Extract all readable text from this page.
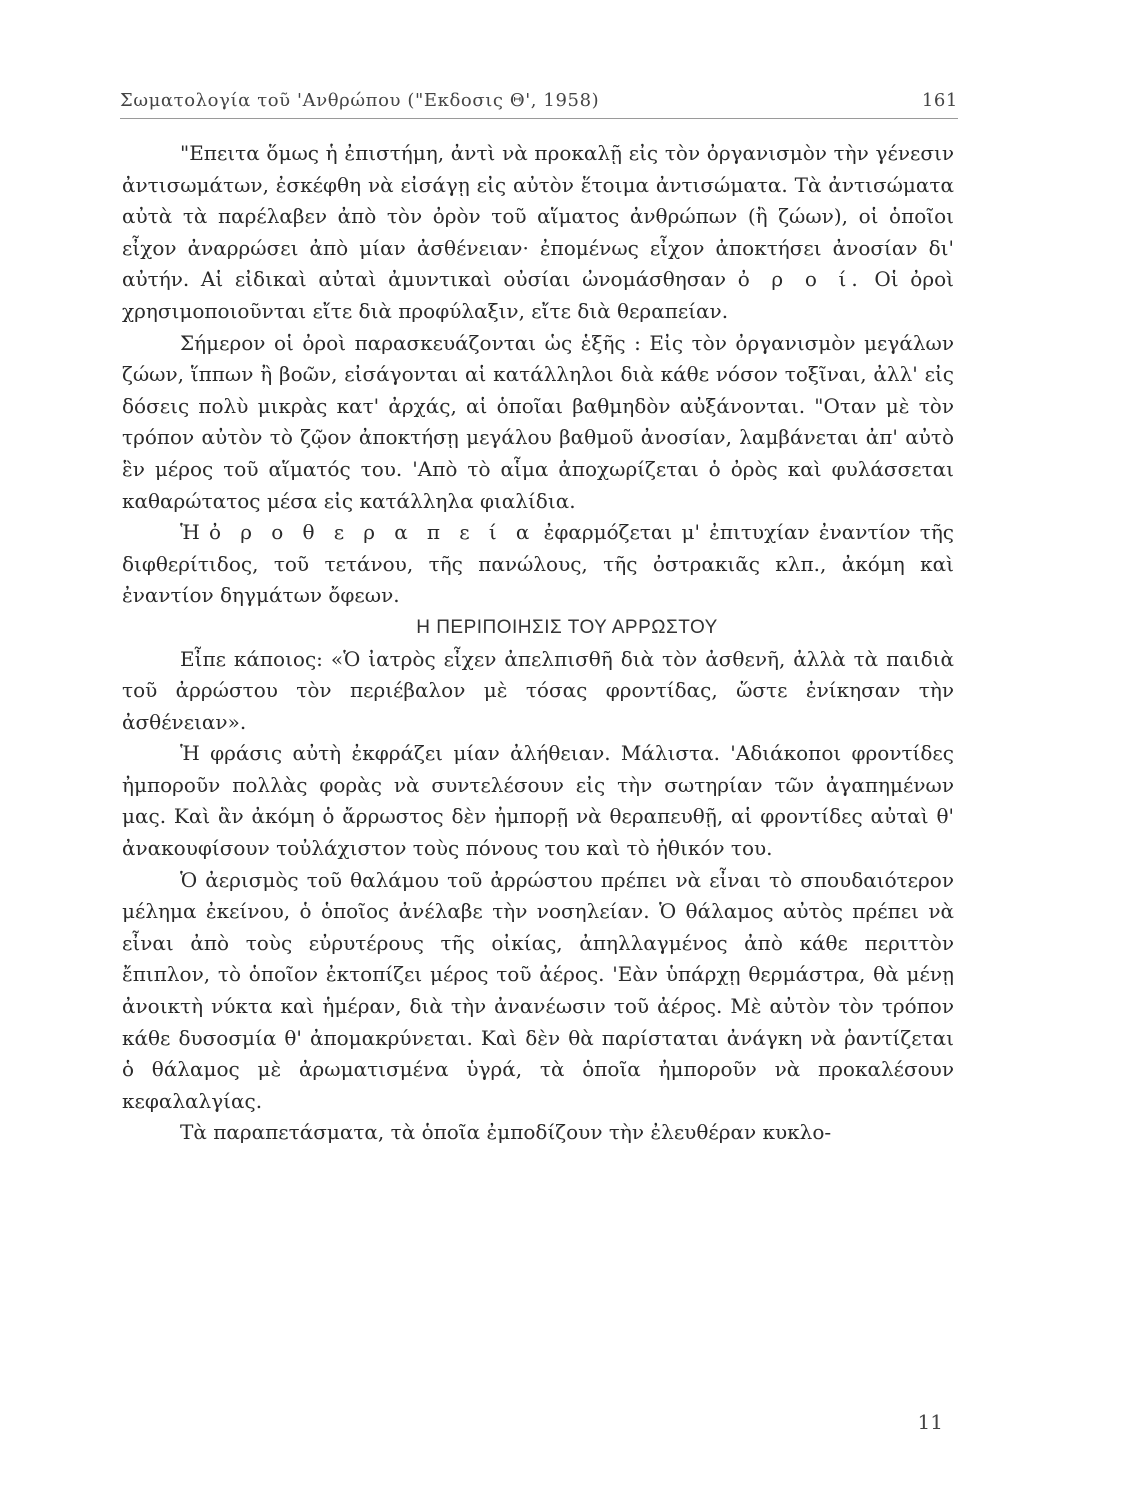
Σωματολογία τοῦ 'Ανθρώπου ("Εκδοσις Θ', 1958)	161

"Επειτα ὅμως ἡ ἐπιστήμη, ἀντὶ νὰ προκαλῇ εἰς τὸν ὀργανισμὸν τὴν γένεσιν ἀντισωμάτων, ἐσκέφθη νὰ εἰσάγῃ εἰς αὐτὸν ἕτοιμα ἀντισώματα. Τὰ ἀντισώματα αὐτὰ τὰ παρέλαβεν ἀπὸ τὸν ὀρὸν τοῦ αἵματος ἀνθρώπων (ἢ ζώων), οἱ ὁποῖοι εἶχον ἀναρρώσει ἀπὸ μίαν ἀσθένειαν· ἐπομένως εἶχον ἀποκτήσει ἀνοσίαν δι' αὐτήν. Αἱ εἰδικαὶ αὐταὶ ἀμυντικαὶ οὐσίαι ὠνομάσθησαν ὀ ρ ο ί. Οἱ ὀροὶ χρησιμοποιοῦνται εἴτε διὰ προφύλαξιν, εἴτε διὰ θεραπείαν.

Σήμερον οἱ ὀροὶ παρασκευάζονται ὡς ἑξῆς : Εἰς τὸν ὀργανισμὸν μεγάλων ζώων, ἵππων ἢ βοῶν, εἰσάγονται αἱ κατάλληλοι διὰ κάθε νόσον τοξῖναι, ἀλλ' εἰς δόσεις πολὺ μικρὰς κατ' ἀρχάς, αἱ ὁποῖαι βαθμηδὸν αὐξάνονται. "Οταν μὲ τὸν τρόπον αὐτὸν τὸ ζῷον ἀποκτήσῃ μεγάλου βαθμοῦ ἀνοσίαν, λαμβάνεται ἀπ' αὐτὸ ἓν μέρος τοῦ αἵματός του. 'Απὸ τὸ αἷμα ἀποχωρίζεται ὁ ὀρὸς καὶ φυλάσσεται καθαρώτατος μέσα εἰς κατάλληλα φιαλίδια.

Ἡ ὀ ρ ο θ ε ρ α π ε ί α ἐφαρμόζεται μ' ἐπιτυχίαν ἐναντίον τῆς διφθερίτιδος, τοῦ τετάνου, τῆς πανώλους, τῆς ὀστρακιᾶς κλπ., ἀκόμη καὶ ἐναντίον δηγμάτων ὄφεων.

Η ΠΕΡΙΠΟΙΗΣΙΣ ΤΟΥ ΑΡΡΩΣΤΟΥ

Εἶπε κάποιος: «Ὁ ἰατρὸς εἶχεν ἀπελπισθῆ διὰ τὸν ἀσθενῆ, ἀλλὰ τὰ παιδιὰ τοῦ ἀρρώστου τὸν περιέβαλον μὲ τόσας φροντίδας, ὥστε ἐνίκησαν τὴν ἀσθένειαν».

Ἡ φράσις αὐτὴ ἐκφράζει μίαν ἀλήθειαν. Μάλιστα. 'Αδιάκοποι φροντίδες ἠμποροῦν πολλὰς φορὰς νὰ συντελέσουν εἰς τὴν σωτηρίαν τῶν ἀγαπημένων μας. Καὶ ἂν ἀκόμη ὁ ἄρρωστος δὲν ἠμπορῇ νὰ θεραπευθῇ, αἱ φροντίδες αὐταὶ θ' ἀνακουφίσουν τοὐλάχιστον τοὺς πόνους του καὶ τὸ ἠθικόν του.

Ὁ ἀερισμὸς τοῦ θαλάμου τοῦ ἀρρώστου πρέπει νὰ εἶναι τὸ σπουδαιότερον μέλημα ἐκείνου, ὁ ὁποῖος ἀνέλαβε τὴν νοσηλείαν. Ὁ θάλαμος αὐτὸς πρέπει νὰ εἶναι ἀπὸ τοὺς εὐρυτέρους τῆς οἰκίας, ἀπηλλαγμένος ἀπὸ κάθε περιττὸν ἔπιπλον, τὸ ὁποῖον ἐκτοπίζει μέρος τοῦ ἀέρος. 'Εὰν ὑπάρχῃ θερμάστρα, θὰ μένῃ ἀνοικτὴ νύκτα καὶ ἡμέραν, διὰ τὴν ἀνανέωσιν τοῦ ἀέρος. Μὲ αὐτὸν τὸν τρόπον κάθε δυσοσμία θ' ἀπομακρύνεται. Καὶ δὲν θὰ παρίσταται ἀνάγκη νὰ ῥαντίζεται ὁ θάλαμος μὲ ἀρωματισμένα ὑγρά, τὰ ὁποῖα ἠμποροῦν νὰ προκαλέσουν κεφαλαλγίας.

Τὰ παραπετάσματα, τὰ ὁποῖα ἐμποδίζουν τὴν ἐλευθέραν κυκλο-

11
